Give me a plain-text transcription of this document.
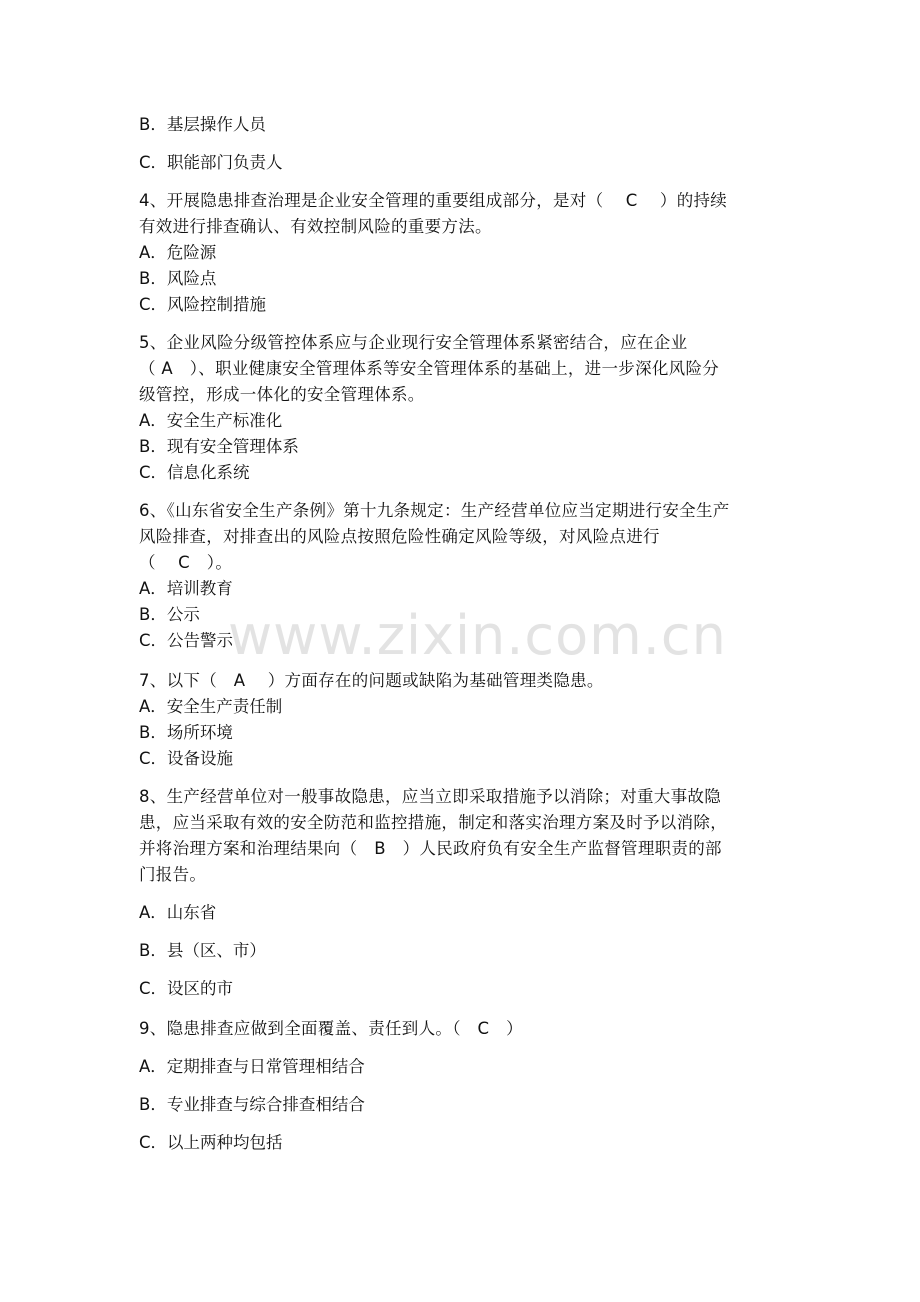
www.zixin.com.cn
B．基层操作人员
C．职能部门负责人
4、开展隐患排查治理是企业安全管理的重要组成部分，是对（　 C　 ）的持续
有效进行排查确认、有效控制风险的重要方法。
A．危险源
B．风险点
C．风险控制措施
5、企业风险分级管控体系应与企业现行安全管理体系紧密结合，应在企业
（ A　）、职业健康安全管理体系等安全管理体系的基础上，进一步深化风险分
级管控，形成一体化的安全管理体系。
A．安全生产标准化
B．现有安全管理体系
C．信息化系统
6、《山东省安全生产条例》第十九条规定：生产经营单位应当定期进行安全生产
风险排查，对排查出的风险点按照危险性确定风险等级，对风险点进行
（　 C　）。
A．培训教育
B．公示
C．公告警示
7、以下（　A　 ）方面存在的问题或缺陷为基础管理类隐患。
A．安全生产责任制
B．场所环境
C．设备设施
8、生产经营单位对一般事故隐患，应当立即采取措施予以消除；对重大事故隐
患，应当采取有效的安全防范和监控措施，制定和落实治理方案及时予以消除，
并将治理方案和治理结果向（　B　）人民政府负有安全生产监督管理职责的部
门报告。
A．山东省
B．县（区、市）
C．设区的市
9、隐患排查应做到全面覆盖、责任到人。（　C　）
A．定期排查与日常管理相结合
B．专业排查与综合排查相结合
C．以上两种均包括
